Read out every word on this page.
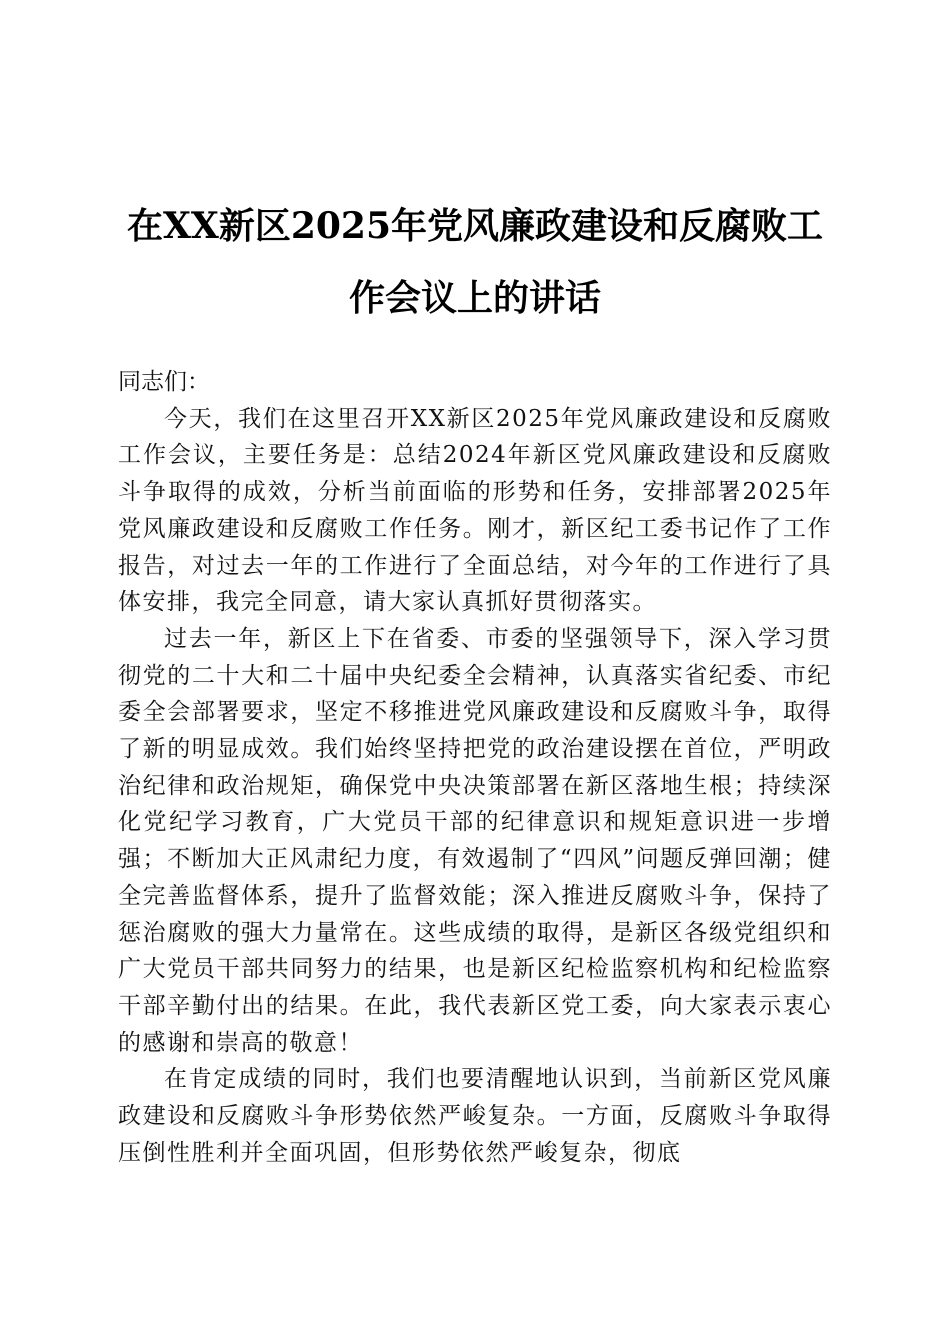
在XX新区2025年党风廉政建设和反腐败工
作会议上的讲话

同志们：

今天，我们在这里召开XX新区2025年党风廉政建设和反腐败工作会议，主要任务是：总结2024年新区党风廉政建设和反腐败斗争取得的成效，分析当前面临的形势和任务，安排部署2025年党风廉政建设和反腐败工作任务。刚才，新区纪工委书记作了工作报告，对过去一年的工作进行了全面总结，对今年的工作进行了具体安排，我完全同意，请大家认真抓好贯彻落实。

过去一年，新区上下在省委、市委的坚强领导下，深入学习贯彻党的二十大和二十届中央纪委全会精神，认真落实省纪委、市纪委全会部署要求，坚定不移推进党风廉政建设和反腐败斗争，取得了新的明显成效。我们始终坚持把党的政治建设摆在首位，严明政治纪律和政治规矩，确保党中央决策部署在新区落地生根；持续深化党纪学习教育，广大党员干部的纪律意识和规矩意识进一步增强；不断加大正风肃纪力度，有效遏制了“四风”问题反弹回潮；健全完善监督体系，提升了监督效能；深入推进反腐败斗争，保持了惩治腐败的强大力量常在。这些成绩的取得，是新区各级党组织和广大党员干部共同努力的结果，也是新区纪检监察机构和纪检监察干部辛勤付出的结果。在此，我代表新区党工委，向大家表示衷心的感谢和崇高的敬意！

在肯定成绩的同时，我们也要清醒地认识到，当前新区党风廉政建设和反腐败斗争形势依然严峻复杂。一方面，反腐败斗争取得压倒性胜利并全面巩固，但形势依然严峻复杂，彻底
